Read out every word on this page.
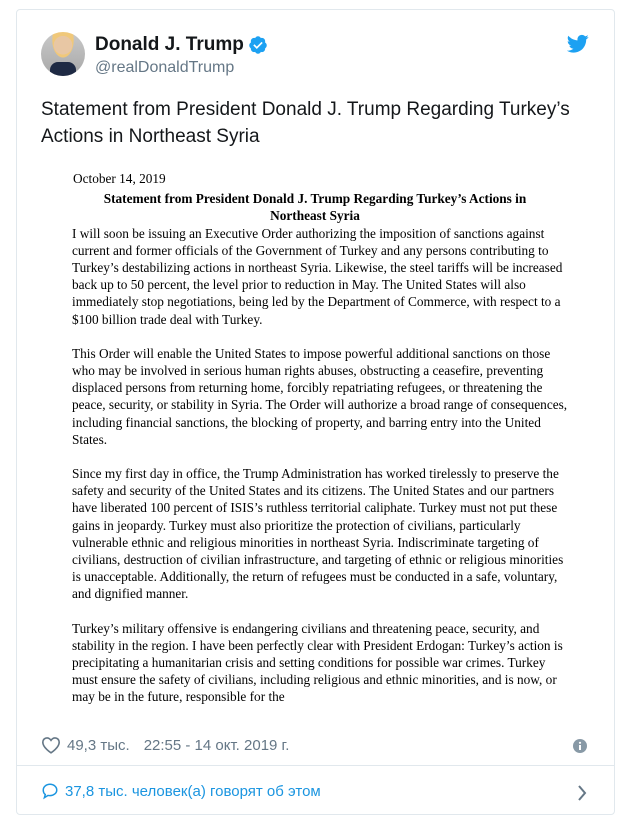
Donald J. Trump
@realDonaldTrump
Statement from President Donald J. Trump Regarding Turkey’s Actions in Northeast Syria
October 14, 2019
Statement from President Donald J. Trump Regarding Turkey’s Actions in
Northeast Syria

I will soon be issuing an Executive Order authorizing the imposition of sanctions against current and former officials of the Government of Turkey and any persons contributing to Turkey’s destabilizing actions in northeast Syria. Likewise, the steel tariffs will be increased back up to 50 percent, the level prior to reduction in May. The United States will also immediately stop negotiations, being led by the Department of Commerce, with respect to a $100 billion trade deal with Turkey.

This Order will enable the United States to impose powerful additional sanctions on those who may be involved in serious human rights abuses, obstructing a ceasefire, preventing displaced persons from returning home, forcibly repatriating refugees, or threatening the peace, security, or stability in Syria. The Order will authorize a broad range of consequences, including financial sanctions, the blocking of property, and barring entry into the United States.

Since my first day in office, the Trump Administration has worked tirelessly to preserve the safety and security of the United States and its citizens. The United States and our partners have liberated 100 percent of ISIS’s ruthless territorial caliphate. Turkey must not put these gains in jeopardy. Turkey must also prioritize the protection of civilians, particularly vulnerable ethnic and religious minorities in northeast Syria. Indiscriminate targeting of civilians, destruction of civilian infrastructure, and targeting of ethnic or religious minorities is unacceptable. Additionally, the return of refugees must be conducted in a safe, voluntary, and dignified manner.

Turkey’s military offensive is endangering civilians and threatening peace, security, and stability in the region. I have been perfectly clear with President Erdogan: Turkey’s action is precipitating a humanitarian crisis and setting conditions for possible war crimes. Turkey must ensure the safety of civilians, including religious and ethnic minorities, and is now, or may be in the future, responsible for the

49,3 тыс. 22:55 - 14 окт. 2019 г.
37,8 тыс. человек(а) говорят об этом
